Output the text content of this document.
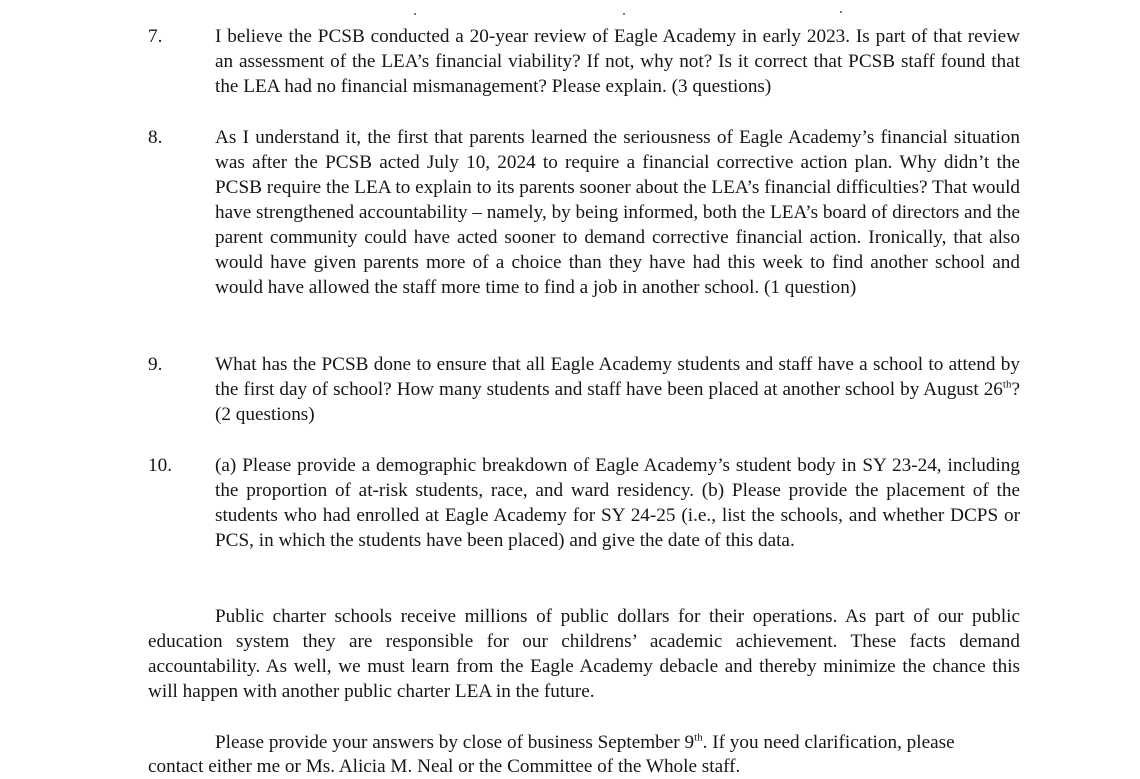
7.	I believe the PCSB conducted a 20-year review of Eagle Academy in early 2023. Is part of that review an assessment of the LEA’s financial viability? If not, why not? Is it correct that PCSB staff found that the LEA had no financial mismanagement? Please explain. (3 questions)
8.	As I understand it, the first that parents learned the seriousness of Eagle Academy’s financial situation was after the PCSB acted July 10, 2024 to require a financial corrective action plan. Why didn’t the PCSB require the LEA to explain to its parents sooner about the LEA’s financial difficulties? That would have strengthened accountability – namely, by being informed, both the LEA’s board of directors and the parent community could have acted sooner to demand corrective financial action. Ironically, that also would have given parents more of a choice than they have had this week to find another school and would have allowed the staff more time to find a job in another school. (1 question)
9.	What has the PCSB done to ensure that all Eagle Academy students and staff have a school to attend by the first day of school? How many students and staff have been placed at another school by August 26th? (2 questions)
10.	(a) Please provide a demographic breakdown of Eagle Academy’s student body in SY 23-24, including the proportion of at-risk students, race, and ward residency. (b) Please provide the placement of the students who had enrolled at Eagle Academy for SY 24-25 (i.e., list the schools, and whether DCPS or PCS, in which the students have been placed) and give the date of this data.
Public charter schools receive millions of public dollars for their operations. As part of our public education system they are responsible for our childrens’ academic achievement. These facts demand accountability. As well, we must learn from the Eagle Academy debacle and thereby minimize the chance this will happen with another public charter LEA in the future.
Please provide your answers by close of business September 9th. If you need clarification, please
contact either me or Ms. Alicia M. Neal or the Committee of the Whole staff.
